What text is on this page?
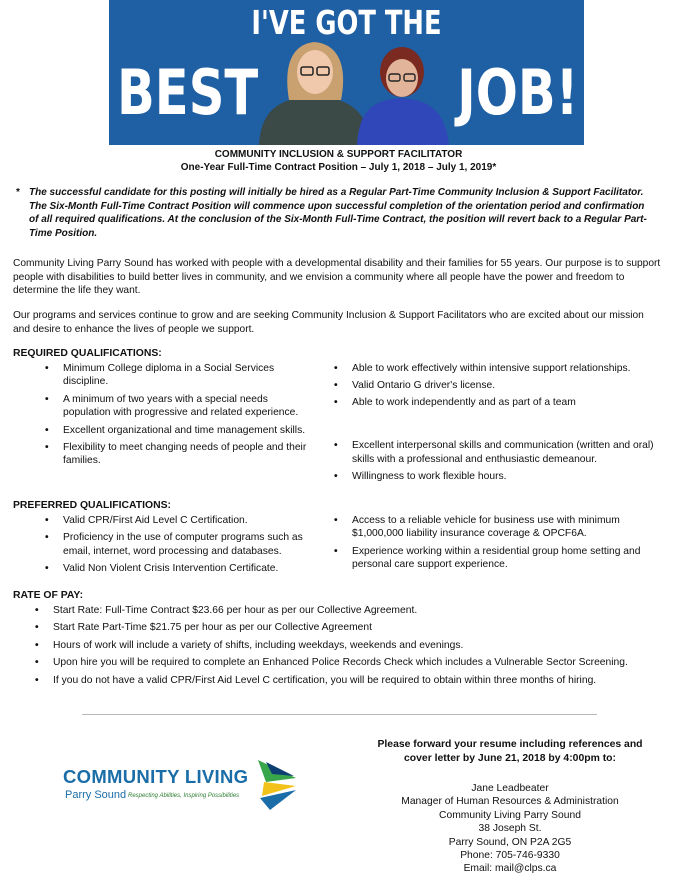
I'VE GOT THE
BEST	JOB!
COMMUNITY INCLUSION & SUPPORT FACILITATOR
One-Year Full-Time Contract Position – July 1, 2018 – July 1, 2019*
* The successful candidate for this posting will initially be hired as a Regular Part-Time Community Inclusion & Support Facilitator. The Six-Month Full-Time Contract Position will commence upon successful completion of the orientation period and confirmation of all required qualifications. At the conclusion of the Six-Month Full-Time Contract, the position will revert back to a Regular Part-Time Position.
Community Living Parry Sound has worked with people with a developmental disability and their families for 55 years. Our purpose is to support people with disabilities to build better lives in community, and we envision a community where all people have the power and freedom to determine the life they want.
Our programs and services continue to grow and are seeking Community Inclusion & Support Facilitators who are excited about our mission and desire to enhance the lives of people we support.
REQUIRED QUALIFICATIONS:
• Minimum College diploma in a Social Services discipline.
• A minimum of two years with a special needs population with progressive and related experience.
• Excellent organizational and time management skills.
• Flexibility to meet changing needs of people and their families.
• Able to work effectively within intensive support relationships.
• Valid Ontario G driver's license.
• Able to work independently and as part of a team
• Excellent interpersonal skills and communication (written and oral) skills with a professional and enthusiastic demeanour.
• Willingness to work flexible hours.
PREFERRED QUALIFICATIONS:
• Valid CPR/First Aid Level C Certification.
• Proficiency in the use of computer programs such as email, internet, word processing and databases.
• Valid Non Violent Crisis Intervention Certificate.
• Access to a reliable vehicle for business use with minimum $1,000,000 liability insurance coverage & OPCF6A.
• Experience working within a residential group home setting and personal care support experience.
RATE OF PAY:
• Start Rate: Full-Time Contract $23.66 per hour as per our Collective Agreement.
• Start Rate Part-Time $21.75 per hour as per our Collective Agreement
• Hours of work will include a variety of shifts, including weekdays, weekends and evenings.
• Upon hire you will be required to complete an Enhanced Police Records Check which includes a Vulnerable Sector Screening.
• If you do not have a valid CPR/First Aid Level C certification, you will be required to obtain within three months of hiring.
COMMUNITY LIVING
Parry Sound Respecting Abilities, Inspiring Possibilities
Please forward your resume including references and
cover letter by June 21, 2018 by 4:00pm to:
Jane Leadbeater
Manager of Human Resources & Administration
Community Living Parry Sound
38 Joseph St.
Parry Sound, ON P2A 2G5
Phone: 705-746-9330
Email: mail@clps.ca
